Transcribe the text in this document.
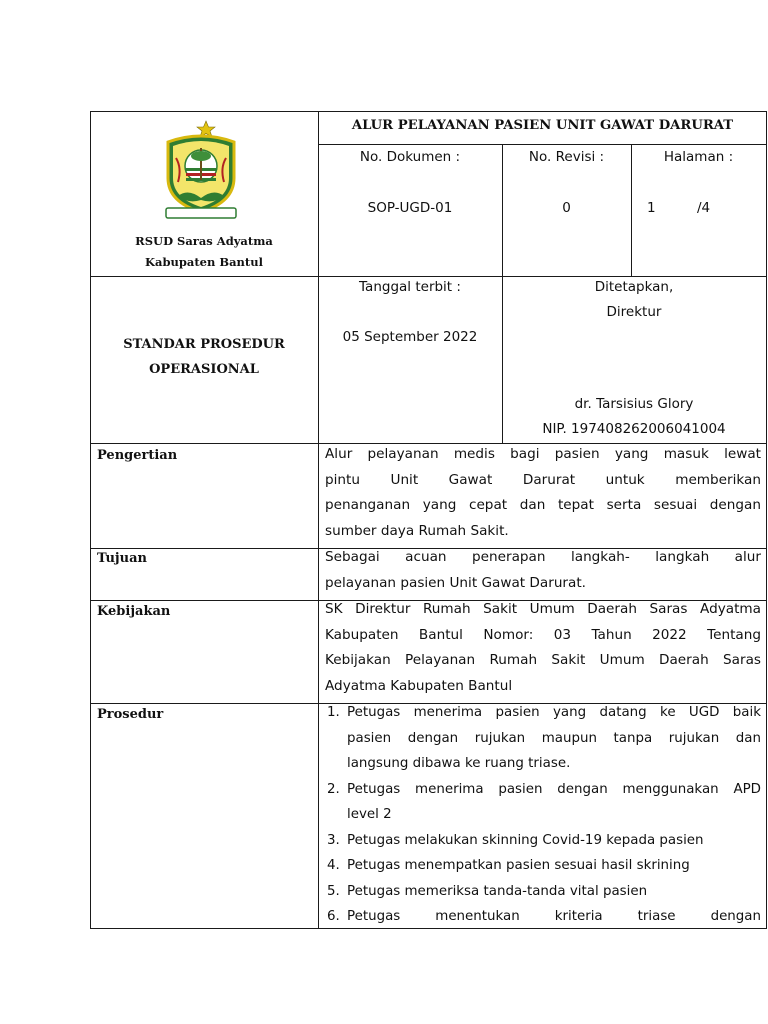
RSUD Saras Adyatma
Kabupaten Bantul
ALUR PELAYANAN PASIEN UNIT GAWAT DARURAT
No. Dokumen :
SOP-UGD-01
No. Revisi :
0
Halaman :
1	/4
STANDAR PROSEDUR
OPERASIONAL
Tanggal terbit :
05 September 2022
Ditetapkan,
Direktur
dr. Tarsisius Glory
NIP. 197408262006041004
Pengertian	Alur pelayanan medis bagi pasien yang masuk lewat
pintu Unit Gawat Darurat untuk memberikan
penanganan yang cepat dan tepat serta sesuai dengan
sumber daya Rumah Sakit.
Tujuan	Sebagai acuan penerapan langkah- langkah alur
pelayanan pasien Unit Gawat Darurat.
Kebijakan	SK Direktur Rumah Sakit Umum Daerah Saras Adyatma
Kabupaten Bantul Nomor: 03 Tahun 2022 Tentang
Kebijakan Pelayanan Rumah Sakit Umum Daerah Saras
Adyatma Kabupaten Bantul
Prosedur	1. Petugas menerima pasien yang datang ke UGD baik
pasien dengan rujukan maupun tanpa rujukan dan
langsung dibawa ke ruang triase.
2. Petugas menerima pasien dengan menggunakan APD
level 2
3. Petugas melakukan skinning Covid-19 kepada pasien
4. Petugas menempatkan pasien sesuai hasil skrining
5. Petugas memeriksa tanda-tanda vital pasien
6. Petugas menentukan kriteria triase dengan
